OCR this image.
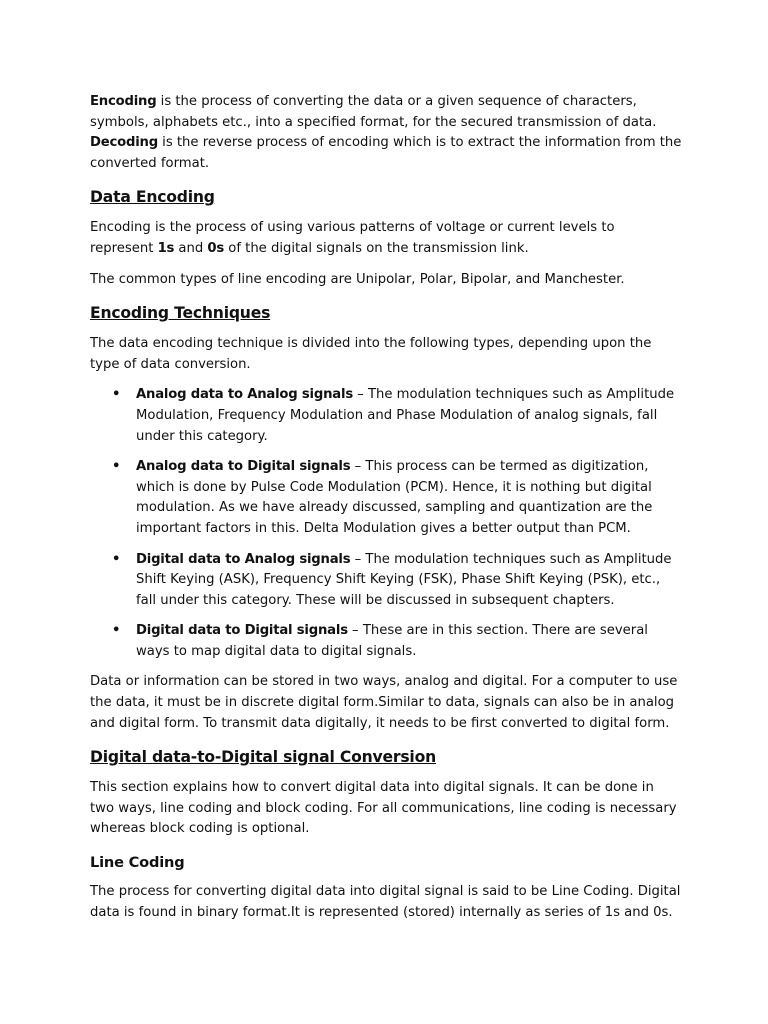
Encoding is the process of converting the data or a given sequence of characters, symbols, alphabets etc., into a specified format, for the secured transmission of data. Decoding is the reverse process of encoding which is to extract the information from the converted format.

Data Encoding

Encoding is the process of using various patterns of voltage or current levels to represent 1s and 0s of the digital signals on the transmission link.

The common types of line encoding are Unipolar, Polar, Bipolar, and Manchester.

Encoding Techniques

The data encoding technique is divided into the following types, depending upon the type of data conversion.

• Analog data to Analog signals – The modulation techniques such as Amplitude Modulation, Frequency Modulation and Phase Modulation of analog signals, fall under this category.
• Analog data to Digital signals – This process can be termed as digitization, which is done by Pulse Code Modulation (PCM). Hence, it is nothing but digital modulation. As we have already discussed, sampling and quantization are the important factors in this. Delta Modulation gives a better output than PCM.
• Digital data to Analog signals – The modulation techniques such as Amplitude Shift Keying (ASK), Frequency Shift Keying (FSK), Phase Shift Keying (PSK), etc., fall under this category. These will be discussed in subsequent chapters.
• Digital data to Digital signals – These are in this section. There are several ways to map digital data to digital signals.

Data or information can be stored in two ways, analog and digital. For a computer to use the data, it must be in discrete digital form.Similar to data, signals can also be in analog and digital form. To transmit data digitally, it needs to be first converted to digital form.

Digital data-to-Digital signal Conversion

This section explains how to convert digital data into digital signals. It can be done in two ways, line coding and block coding. For all communications, line coding is necessary whereas block coding is optional.

Line Coding

The process for converting digital data into digital signal is said to be Line Coding. Digital data is found in binary format.It is represented (stored) internally as series of 1s and 0s.
